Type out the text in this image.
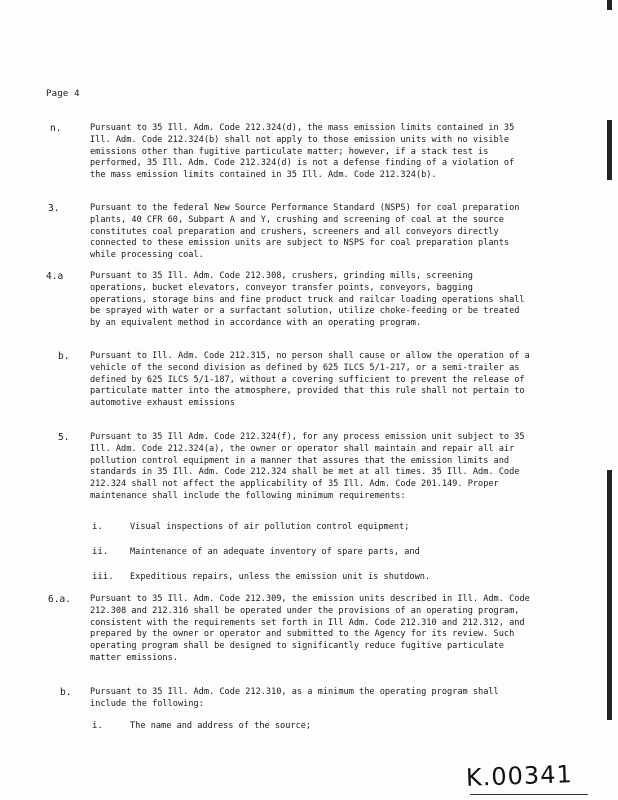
Page 4
n.	Pursuant to 35 Ill. Adm. Code 212.324(d), the mass emission limits contained in 35 Ill. Adm. Code 212.324(b) shall not apply to those emission units with no visible emissions other than fugitive particulate matter; however, if a stack test is performed, 35 Ill. Adm. Code 212.324(d) is not a defense finding of a violation of the mass emission limits contained in 35 Ill. Adm. Code 212.324(b).

3.	Pursuant to the federal New Source Performance Standard (NSPS) for coal preparation plants, 40 CFR 60, Subpart A and Y, crushing and screening of coal at the source constitutes coal preparation and crushers, screeners and all conveyors directly connected to these emission units are subject to NSPS for coal preparation plants while processing coal.

4.a	Pursuant to 35 Ill. Adm. Code 212.308, crushers, grinding mills, screening operations, bucket elevators, conveyor transfer points, conveyors, bagging operations, storage bins and fine product truck and railcar loading operations shall be sprayed with water or a surfactant solution, utilize choke-feeding or be treated by an equivalent method in accordance with an operating program.

b. Pursuant to Ill. Adm. Code 212.315, no person shall cause or allow the operation of a vehicle of the second division as defined by 625 ILCS 5/1-217, or a semi-trailer as defined by 625 ILCS 5/1-187, without a covering sufficient to prevent the release of particulate matter into the atmosphere, provided that this rule shall not pertain to automotive exhaust emissions

5. Pursuant to 35 Ill Adm. Code 212.324(f), for any process emission unit subject to 35 Ill. Adm. Code 212.324(a), the owner or operator shall maintain and repair all air pollution control equipment in a manner that assures that the emission limits and standards in 35 Ill. Adm. Code 212.324 shall be met at all times. 35 Ill. Adm. Code 212.324 shall not affect the applicability of 35 Ill. Adm. Code 201.149. Proper maintenance shall include the following minimum requirements:

i.	Visual inspections of air pollution control equipment;
ii.	Maintenance of an adequate inventory of spare parts, and
iii. Expeditious repairs, unless the emission unit is shutdown.
6.a. Pursuant to 35 Ill. Adm. Code 212.309, the emission units described in Ill. Adm. Code 212.308 and 212.316 shall be operated under the provisions of an operating program, consistent with the requirements set forth in Ill Adm. Code 212.310 and 212.312, and prepared by the owner or operator and submitted to the Agency for its review. Such operating program shall be designed to significantly reduce fugitive particulate matter emissions.

b. Pursuant to 35 Ill. Adm. Code 212.310, as a minimum the operating program shall include the following:

i.	The name and address of the source;
K.00341
